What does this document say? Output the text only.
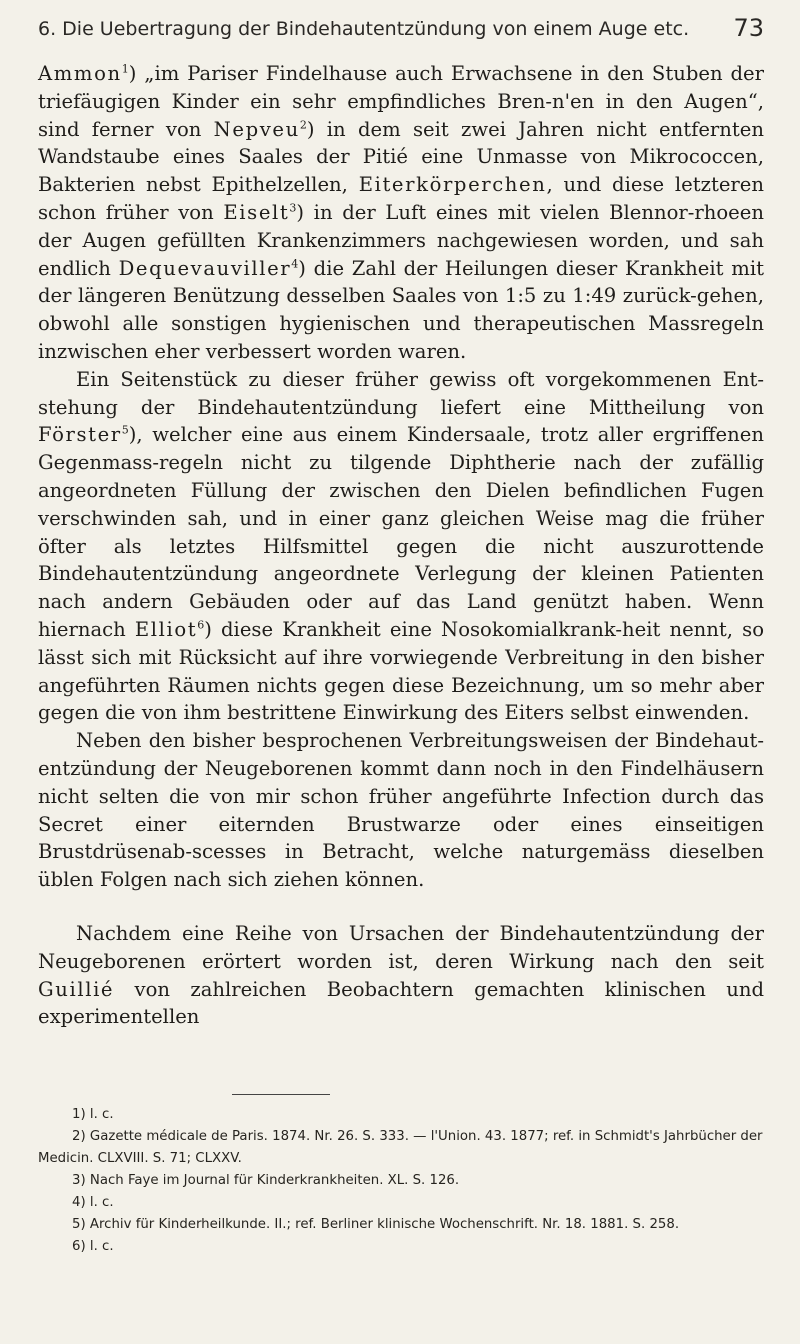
6. Die Uebertragung der Bindehautentzündung von einem Auge etc. 73

Ammon$^1$) „im Pariser Findelhause auch Erwachsene in den Stuben der triefäugigen Kinder ein sehr empfindliches Bren-n'en in den Augen“, sind ferner von Nepveu$^2$) in dem seit zwei Jahren nicht entfernten Wandstaube eines Saales der Pitié eine Unmasse von Mikrococcen, Bakterien nebst Epithelzellen, Eiterkörperchen, und diese letzteren schon früher von Eiselt$^3$) in der Luft eines mit vielen Blennor-rhoeen der Augen gefüllten Krankenzimmers nachgewiesen worden, und sah endlich Dequevauviller$^4$) die Zahl der Heilungen dieser Krankheit mit der längeren Benützung desselben Saales von 1:5 zu 1:49 zurück-gehen, obwohl alle sonstigen hygienischen und therapeutischen Massregeln inzwischen eher verbessert worden waren.

Ein Seitenstück zu dieser früher gewiss oft vorgekommenen Ent-stehung der Bindehautentzündung liefert eine Mittheilung von Förster$^5$), welcher eine aus einem Kindersaale, trotz aller ergriffenen Gegenmass-regeln nicht zu tilgende Diphtherie nach der zufällig angeordneten Füllung der zwischen den Dielen befindlichen Fugen verschwinden sah, und in einer ganz gleichen Weise mag die früher öfter als letztes Hilfsmittel gegen die nicht auszurottende Bindehautentzündung angeordnete Verlegung der kleinen Patienten nach andern Gebäuden oder auf das Land genützt haben. Wenn hiernach Elliot$^6$) diese Krankheit eine Nosokomialkrank-heit nennt, so lässt sich mit Rücksicht auf ihre vorwiegende Verbreitung in den bisher angeführten Räumen nichts gegen diese Bezeichnung, um so mehr aber gegen die von ihm bestrittene Einwirkung des Eiters selbst einwenden.

Neben den bisher besprochenen Verbreitungsweisen der Bindehaut-entzündung der Neugeborenen kommt dann noch in den Findelhäusern nicht selten die von mir schon früher angeführte Infection durch das Secret einer eiternden Brustwarze oder eines einseitigen Brustdrüsenab-scesses in Betracht, welche naturgemäss dieselben üblen Folgen nach sich ziehen können.

Nachdem eine Reihe von Ursachen der Bindehautentzündung der Neugeborenen erörtert worden ist, deren Wirkung nach den seit Guillié von zahlreichen Beobachtern gemachten klinischen und experimentellen

1) l. c.
2) Gazette médicale de Paris. 1874. Nr. 26. S. 333. — l'Union. 43. 1877; ref. in Schmidt's Jahrbücher der Medicin. CLXVIII. S. 71; CLXXV.
3) Nach Faye im Journal für Kinderkrankheiten. XL. S. 126.
4) l. c.
5) Archiv für Kinderheilkunde. II.; ref. Berliner klinische Wochenschrift. Nr. 18. 1881. S. 258.
6) l. c.
